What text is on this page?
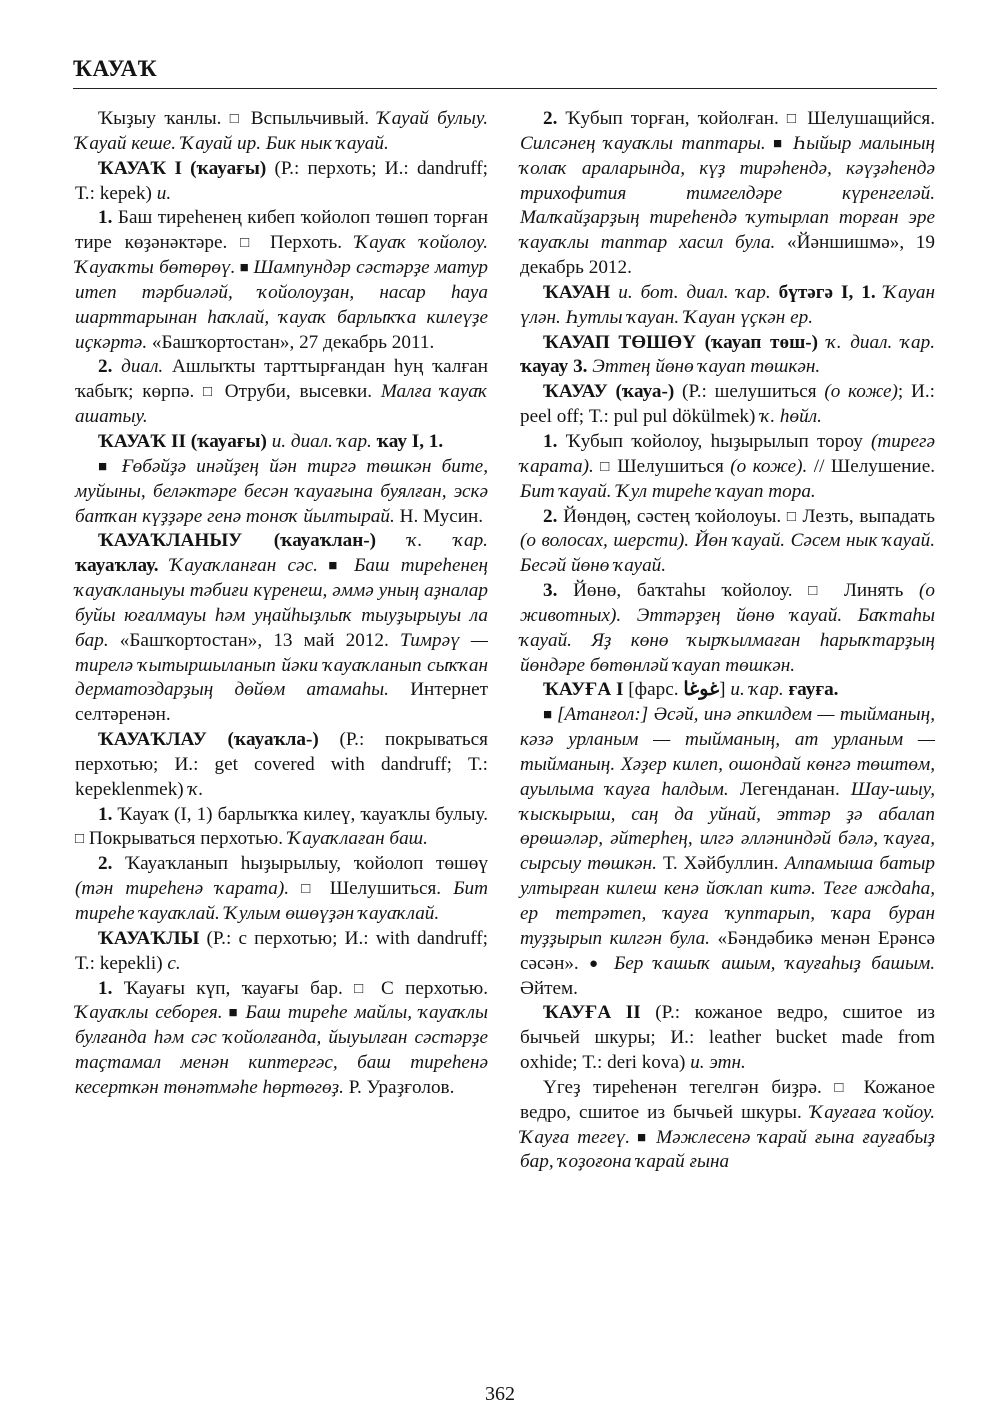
ҠАУАҠ

Ҡыҙыу ҡанлы. □ Вспыльчивый. Ҡауай булыу. Ҡауай кеше. Ҡауай ир. Бик нык ҡауай.

ҠАУАҠ I (ҡауағы) (Р.: перхоть; И.: dandruff; Т.: kepek) и.

1. Баш тиреһенең кибеп ҡойолоп төшөп торған тире көҙәнәктәре. □ Перхоть. Ҡауаҡ ҡойолоу. Ҡауаҡты бөтөрөү. ■ Шампундәр сәстәрҙе матур итеп тәрбиәләй, ҡойолоуҙан, насар һауа шарттарынан һаҡлай, ҡауаҡ барлыҡҡа килеүҙе иҫкәртә. «Башҡортостан», 27 декабрь 2011.

2. диал. Ашлыҡты тарттырғандан һуң ҡалған ҡабыҡ; көрпә. □ Отруби, высевки. Малға ҡауаҡ ашатыу.

ҠАУАҠ II (ҡауағы) и. диал. ҡар. ҡау I, 1.

■ Ғөбәйҙә инәйҙең йән тиргә төшкән бите, муйыны, беләктәре бесән ҡауағына буялған, эскә батҡан күҙҙәре генә тоноҡ йылтырай. Н. Мусин.

ҠАУАҠЛАНЫУ (ҡауаҡлан-) ҡ. ҡар. ҡауаҡлау. Ҡауаҡланған сәс. ■ Баш тиреһенең ҡауаҡланыуы тәбиғи күренеш, әммә уның аҙналар буйы юғалмауы һәм уңайһыҙлыҡ тыуҙырыуы ла бар. «Башҡортостан», 13 май 2012. Тимрәү — тирелә ҡытыршыланып йәки ҡауаҡланып сыҡҡан дерматоздарҙың дөйөм атамаһы. Интернет селтәренән.

ҠАУАҠЛАУ (ҡауаҡла-) (Р.: покрываться перхотью; И.: get covered with dandruff; Т.: kepeklenmek) ҡ.

1. Ҡауаҡ (I, 1) барлыҡҡа килеү, ҡауаҡлы булыу. □ Покрываться перхотью. Ҡауаҡлаған баш.

2. Ҡауаҡланып һыҙырылыу, ҡойолоп төшөү (тән тиреһенә ҡарата). □ Шелушиться. Бит тиреһе ҡауаҡлай. Ҡулым өшөүҙән ҡауаҡлай.

ҠАУАҠЛЫ (Р.: с перхотью; И.: with dandruff; Т.: kepekli) с.

1. Ҡауағы күп, ҡауағы бар. □ С перхотью. Ҡауаҡлы себорея. ■ Баш тиреһе майлы, ҡауаҡлы булғанда һәм сәс ҡойолғанда, йыуылған сәстәрҙе таҫтамал менән киптергәс, баш тиреһенә кесерткән төнәтмәһе һөртөгөҙ. Р. Ураҙғолов.

2. Ҡубып торған, ҡойолған. □ Шелушащийся. Силсәнең ҡауаҡлы таптары. ■ Һыйыр малының ҡолаҡ араларында, күҙ тирәһендә, кәүҙәһендә трихофития тимгелдәре күренгеләй. Малҡайҙарҙың тиреһендә ҡутырлап торған эре ҡауаҡлы таптар хасил була. «Йәншишмә», 19 декабрь 2012.

ҠАУАН и. бот. диал. ҡар. бүтәгә I, 1. Ҡауан үлән. Һутлы ҡауан. Ҡауан үҫкән ер.

ҠАУАП ТӨШӨҮ (ҡауап төш-) ҡ. диал. ҡар. ҡауау 3. Эттең йөнө ҡауап төшкән.

ҠАУАУ (ҡауа-) (Р.: шелушиться (о коже); И.: peel off; Т.: pul pul dökülmek) ҡ. һөйл.

1. Ҡубып ҡойолоу, һыҙырылып тороу (тирегә ҡарата). □ Шелушиться (о коже). // Шелушение. Бит ҡауай. Ҡул тиреһе ҡауап тора.

2. Йөндөң, сәстең ҡойолоуы. □ Лезть, выпадать (о волосах, шерсти). Йөн ҡауай. Сәсем нык ҡауай. Бесәй йөнө ҡауай.

3. Йөнө, баҡтаһы ҡойолоу. □ Линять (о животных). Эттәрҙең йөнө ҡауай. Баҡтаһы ҡауай. Яҙ көнө ҡырҡылмаған һарыҡтарҙың йөндәре бөтөнләй ҡауап төшкән.

ҠАУҒА I [фарс. غوغا] и. ҡар. ғауға.

■ [Атанғол:] Әсәй, инә әпкилдем — тыйманың, кәзә урланым — тыйманың, ат урланым — тыйманың. Хәҙер килеп, ошондай көнгә төштөм, ауылыма ҡауға һалдым. Легенданан. Шау-шыу, ҡыскырыш, саң да уйнай, эттәр ҙә абалап өрөшәләр, әйтерһең, илгә әлләниндәй бәлә, ҡауға, сырсыу төшкән. Т. Хәйбуллин. Алпамыша батыр ултырған килеш кенә йоҡлап китә. Теге аждаһа, ер тетрәтеп, ҡауға ҡуптарып, ҡара буран туҙҙырып килгән була. «Бәндәбикә менән Ерәнсә сәсән». ● Бер ҡашыҡ ашым, ҡауғаһыҙ башым. Әйтем.

ҠАУҒА II (Р.: кожаное ведро, сшитое из бычьей шкуры; И.: leather bucket made from oxhide; Т.: deri kova) и. этн.

Үгеҙ тиреһенән тегелгән биҙрә. □ Кожаное ведро, сшитое из бычьей шкуры. Ҡауғаға ҡойоу. Ҡауға тегеү. ■ Мәжлесенә ҡарай ғына ғауғабыҙ бар, ҡоҙоғона ҡарай ғына

362
